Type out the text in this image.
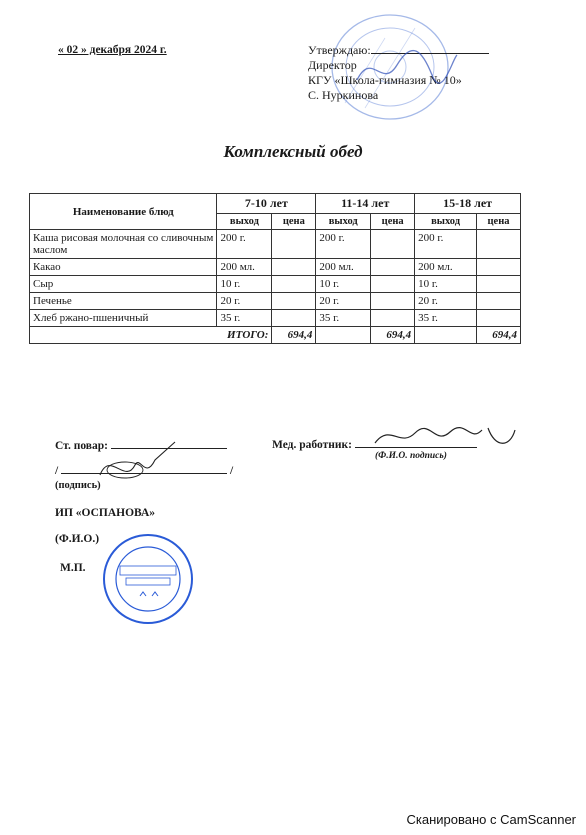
« 02 » декабря 2024 г.	Утверждаю:
Директор
КГУ «Школа-гимназия № 10»
С. Нуркинова
Комплексный обед
Наименование блюд	7-10 лет		11-14 лет		15-18 лет	
	выход	цена	выход	цена	выход	цена
Каша рисовая молочная со сливочным маслом	200 г.		200 г.		200 г.	
Какао	200 мл.		200 мл.		200 мл.	
Сыр	10 г.		10 г.		10 г.	
Печенье	20 г.		20 г.		20 г.	
Хлеб ржано-пшеничный	35 г.		35 г.		35 г.	
ИТОГО:		694,4		694,4		694,4
Ст. повар:
/	/
(подпись)
ИП «ОСПАНОВА»
(Ф.И.О.)
М.П.
Мед. работник:
(Ф.И.О. подпись)
Сканировано с CamScanner
